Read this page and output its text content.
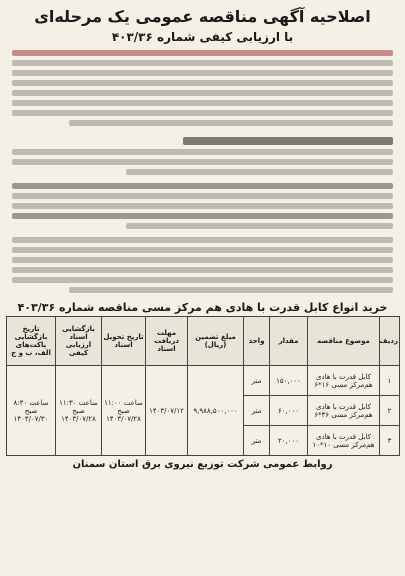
اصلاحیه آگهی مناقصه عمومی یک مرحله‌ای
با ارزیابی کیفی شماره ۴۰۳/۳۶
خرید انواع کابل قدرت با هادی هم مرکز مسی مناقصه شماره ۴۰۳/۳۶
ردیف	موضوع مناقصه	مقدار	واحد	مبلغ تضمین (ریال)	مهلت دریافت اسناد	تاریخ تحویل اسناد	بازگشایی اسناد ارزیابی کیفی	تاریخ بازگشایی پاکت‌های الف، ب و ج
۱	کابل قدرت با هادی هم‌مرکز مسی ۱۶*۶	۱۵۰,۰۰۰	متر	۹,۹۸۸,۵۰۰,۰۰۰	۱۴۰۳/۰۷/۱۲	ساعت ۱۱:۰۰ صبح ۱۴۰۳/۰۷/۲۸	ساعت ۱۱:۳۰ صبح ۱۴۰۳/۰۷/۲۸	ساعت ۸:۳۰ صبح ۱۴۰۳/۰۷/۳۰
۲	کابل قدرت با هادی هم‌مرکز مسی ۳۶*۶	۶۰,۰۰۰	متر					
۳	کابل قدرت با هادی هم‌مرکز مسی ۱۰*۱۰	۲۰,۰۰۰	متر					
روابط عمومی شرکت توزیع نیروی برق استان سمنان
